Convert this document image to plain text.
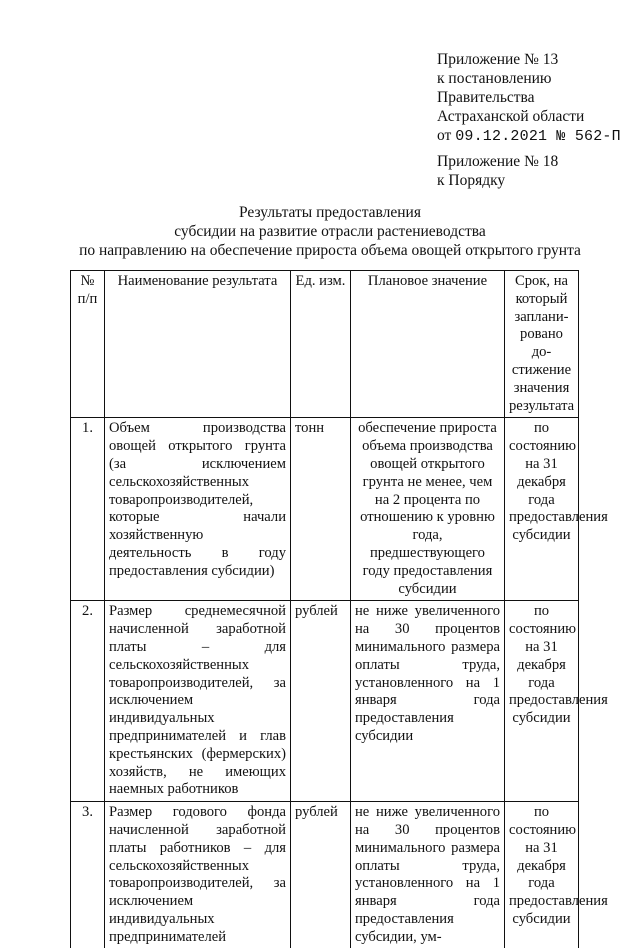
Приложение № 13
к постановлению
Правительства
Астраханской области
от 09.12.2021 № 562-П
Приложение № 18
к Порядку
Результаты предоставления
субсидии на развитие отрасли растениеводства
по направлению на обеспечение прироста объема овощей открытого грунта
№ п/п	Наименование результата	Ед. изм.	Плановое значение	Срок, на который заплани-ровано до-стижение значения результата
1.	Объем производства овощей открытого грунта (за исключением сельскохозяйственных товаропроизводителей, которые начали хозяйственную деятельность в году предоставления субсидии)	тонн	обеспечение прироста объема производства овощей открытого грунта не менее, чем на 2 процента по отношению к уровню года, предшествующего году предоставления субсидии	по состоянию на 31 декабря года предоставления субсидии
2.	Размер среднемесячной начисленной заработной платы – для сельскохозяйственных товаропроизводителей, за исключением индивидуальных предпринимателей и глав крестьянских (фермерских) хозяйств, не имеющих наемных работников	рублей	не ниже увеличенного на 30 процентов минимального размера оплаты труда, установленного на 1 января года предоставления субсидии	по состоянию на 31 декабря года предоставления субсидии
3.	Размер годового фонда начисленной заработной платы работников – для сельскохозяйственных товаропроизводителей, за исключением индивидуальных предпринимателей	рублей	не ниже увеличенного на 30 процентов минимального размера оплаты труда, установленного на 1 января года предоставления субсидии, ум-	по состоянию на 31 декабря года предоставления субсидии
